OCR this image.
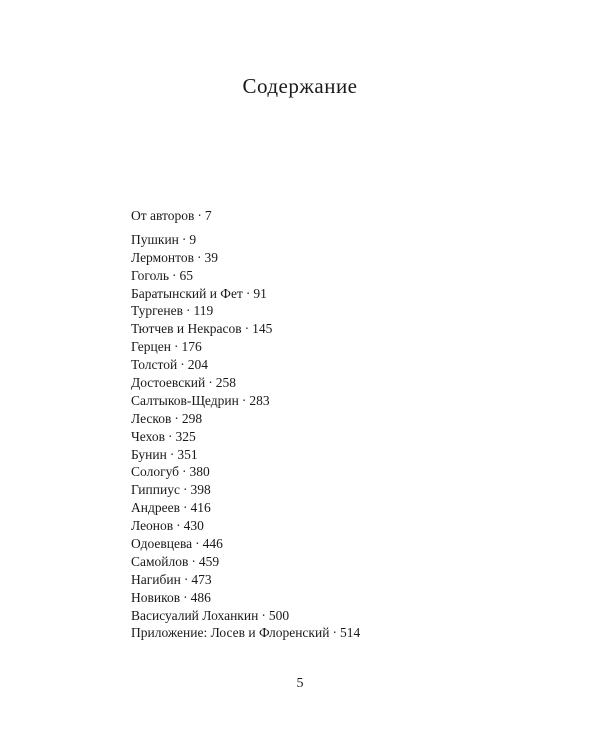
Содержание
От авторов · 7
Пушкин · 9
Лермонтов · 39
Гоголь · 65
Баратынский и Фет · 91
Тургенев · 119
Тютчев и Некрасов · 145
Герцен · 176
Толстой · 204
Достоевский · 258
Салтыков-Щедрин · 283
Лесков · 298
Чехов · 325
Бунин · 351
Сологуб · 380
Гиппиус · 398
Андреев · 416
Леонов · 430
Одоевцева · 446
Самойлов · 459
Нагибин · 473
Новиков · 486
Васисуалий Лоханкин · 500
Приложение: Лосев и Флоренский · 514
5
